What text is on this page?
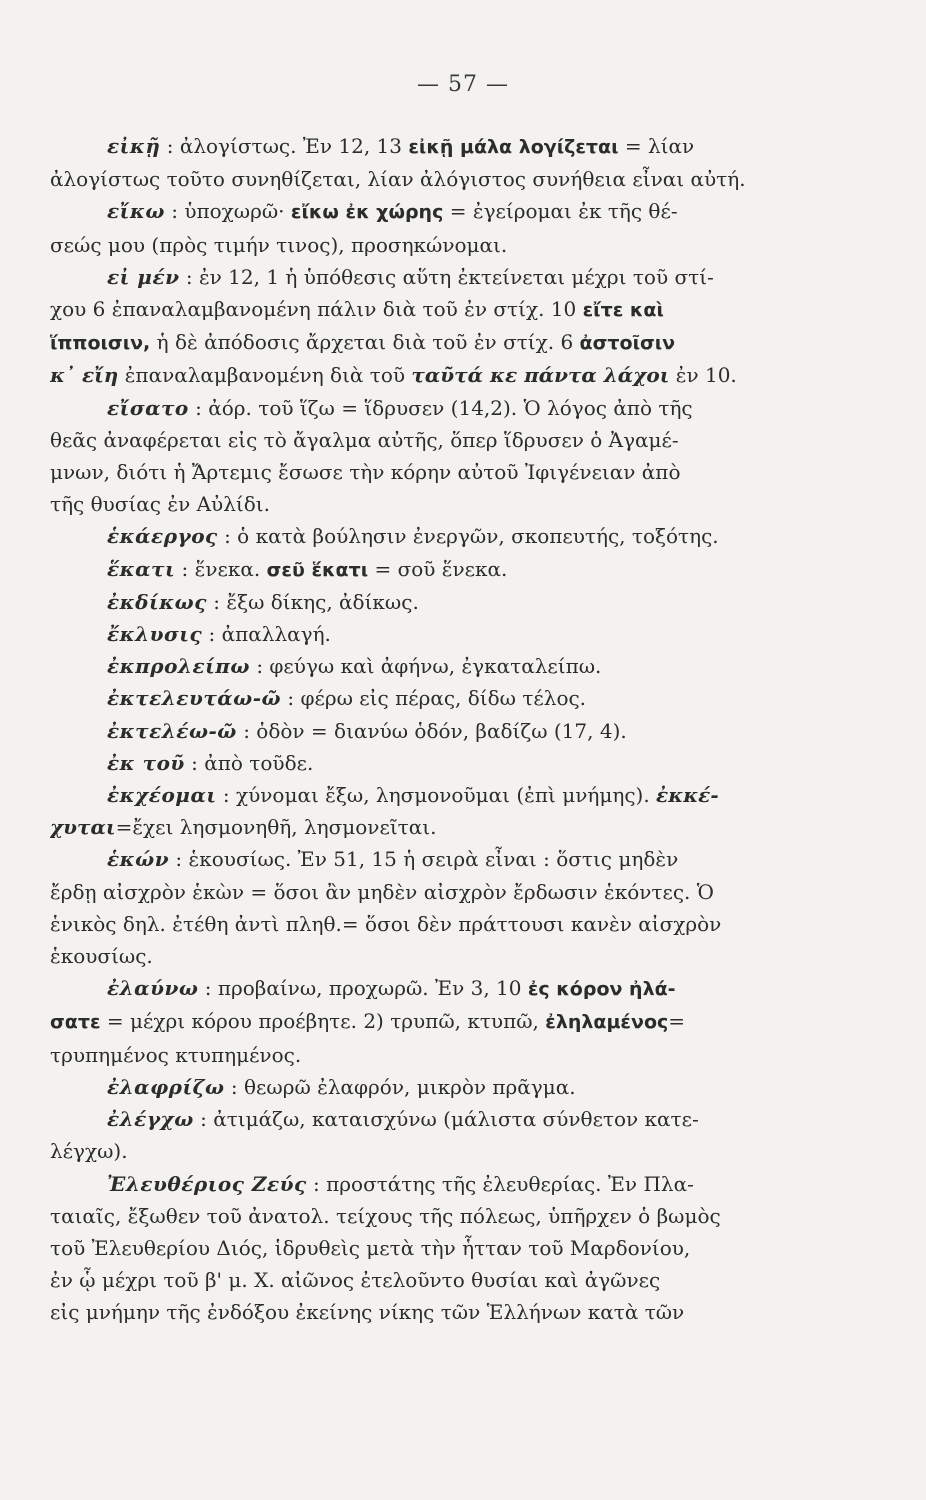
— 57 —
εἰκῇ : ἀλογίστως. Ἐν 12, 13 εἰκῇ μάλα λογίζεται = λίαν
ἀλογίστως τοῦτο συνηθίζεται, λίαν ἀλόγιστος συνήθεια εἶναι αὐτή.
εἴκω : ὑποχωρῶ· εἴκω ἐκ χώρης = ἐγείρομαι ἐκ τῆς θέ-
σεώς μου (πρὸς τιμήν τινος), προσηκώνομαι.
εἰ μέν : ἐν 12, 1 ἡ ὑπόθεσις αὕτη ἐκτείνεται μέχρι τοῦ στί-
χου 6 ἐπαναλαμβανομένη πάλιν διὰ τοῦ ἐν στίχ. 10 εἴτε καὶ
ἵπποισιν, ἡ δὲ ἀπόδοσις ἄρχεται διὰ τοῦ ἐν στίχ. 6 ἀστοῖσιν
κ᾽ εἴη ἐπαναλαμβανομένη διὰ τοῦ ταῦτά κε πάντα λάχοι ἐν 10.
εἴσατο : ἀόρ. τοῦ ἵζω = ἵδρυσεν (14,2). Ὁ λόγος ἀπὸ τῆς
θεᾶς ἀναφέρεται εἰς τὸ ἄγαλμα αὐτῆς, ὅπερ ἵδρυσεν ὁ Ἀγαμέ-
μνων, διότι ἡ Ἄρτεμις ἔσωσε τὴν κόρην αὐτοῦ Ἰφιγένειαν ἀπὸ
τῆς θυσίας ἐν Αὐλίδι.
ἑκάεργος : ὁ κατὰ βούλησιν ἐνεργῶν, σκοπευτής, τοξότης.
ἕκατι : ἕνεκα. σεῦ ἕκατι = σοῦ ἕνεκα.
ἐκδίκως : ἔξω δίκης, ἀδίκως.
ἔκλυσις : ἀπαλλαγή.
ἐκπρολείπω : φεύγω καὶ ἀφήνω, ἐγκαταλείπω.
ἐκτελευτάω-ῶ : φέρω εἰς πέρας, δίδω τέλος.
ἐκτελέω-ῶ : ὁδὸν = διανύω ὁδόν, βαδίζω (17, 4).
ἐκ τοῦ : ἀπὸ τοῦδε.
ἐκχέομαι : χύνομαι ἔξω, λησμονοῦμαι (ἐπὶ μνήμης). ἐκκέ-
χυται=ἔχει λησμονηθῆ, λησμονεῖται.
ἑκών : ἑκουσίως. Ἐν 51, 15 ἡ σειρὰ εἶναι : ὅστις μηδὲν
ἔρδῃ αἰσχρὸν ἑκὼν = ὅσοι ἂν μηδὲν αἰσχρὸν ἔρδωσιν ἑκόντες. Ὁ
ἑνικὸς δηλ. ἐτέθη ἀντὶ πληθ.= ὅσοι δὲν πράττουσι κανὲν αἰσχρὸν
ἑκουσίως.
ἐλαύνω : προβαίνω, προχωρῶ. Ἐν 3, 10 ἐς κόρον ἠλά-
σατε = μέχρι κόρου προέβητε. 2) τρυπῶ, κτυπῶ, ἐληλαμένος=
τρυπημένος κτυπημένος.
ἐλαφρίζω : θεωρῶ ἐλαφρόν, μικρὸν πρᾶγμα.
ἐλέγχω : ἀτιμάζω, καταισχύνω (μάλιστα σύνθετον κατε-
λέγχω).
Ἐλευθέριος Ζεύς : προστάτης τῆς ἐλευθερίας. Ἐν Πλα-
ταιαῖς, ἔξωθεν τοῦ ἀνατολ. τείχους τῆς πόλεως, ὑπῆρχεν ὁ βωμὸς
τοῦ Ἐλευθερίου Διός, ἱδρυθεὶς μετὰ τὴν ἧτταν τοῦ Μαρδονίου,
ἐν ᾧ μέχρι τοῦ β' μ. Χ. αἰῶνος ἐτελοῦντο θυσίαι καὶ ἀγῶνες
εἰς μνήμην τῆς ἐνδόξου ἐκείνης νίκης τῶν Ἑλλήνων κατὰ τῶν
